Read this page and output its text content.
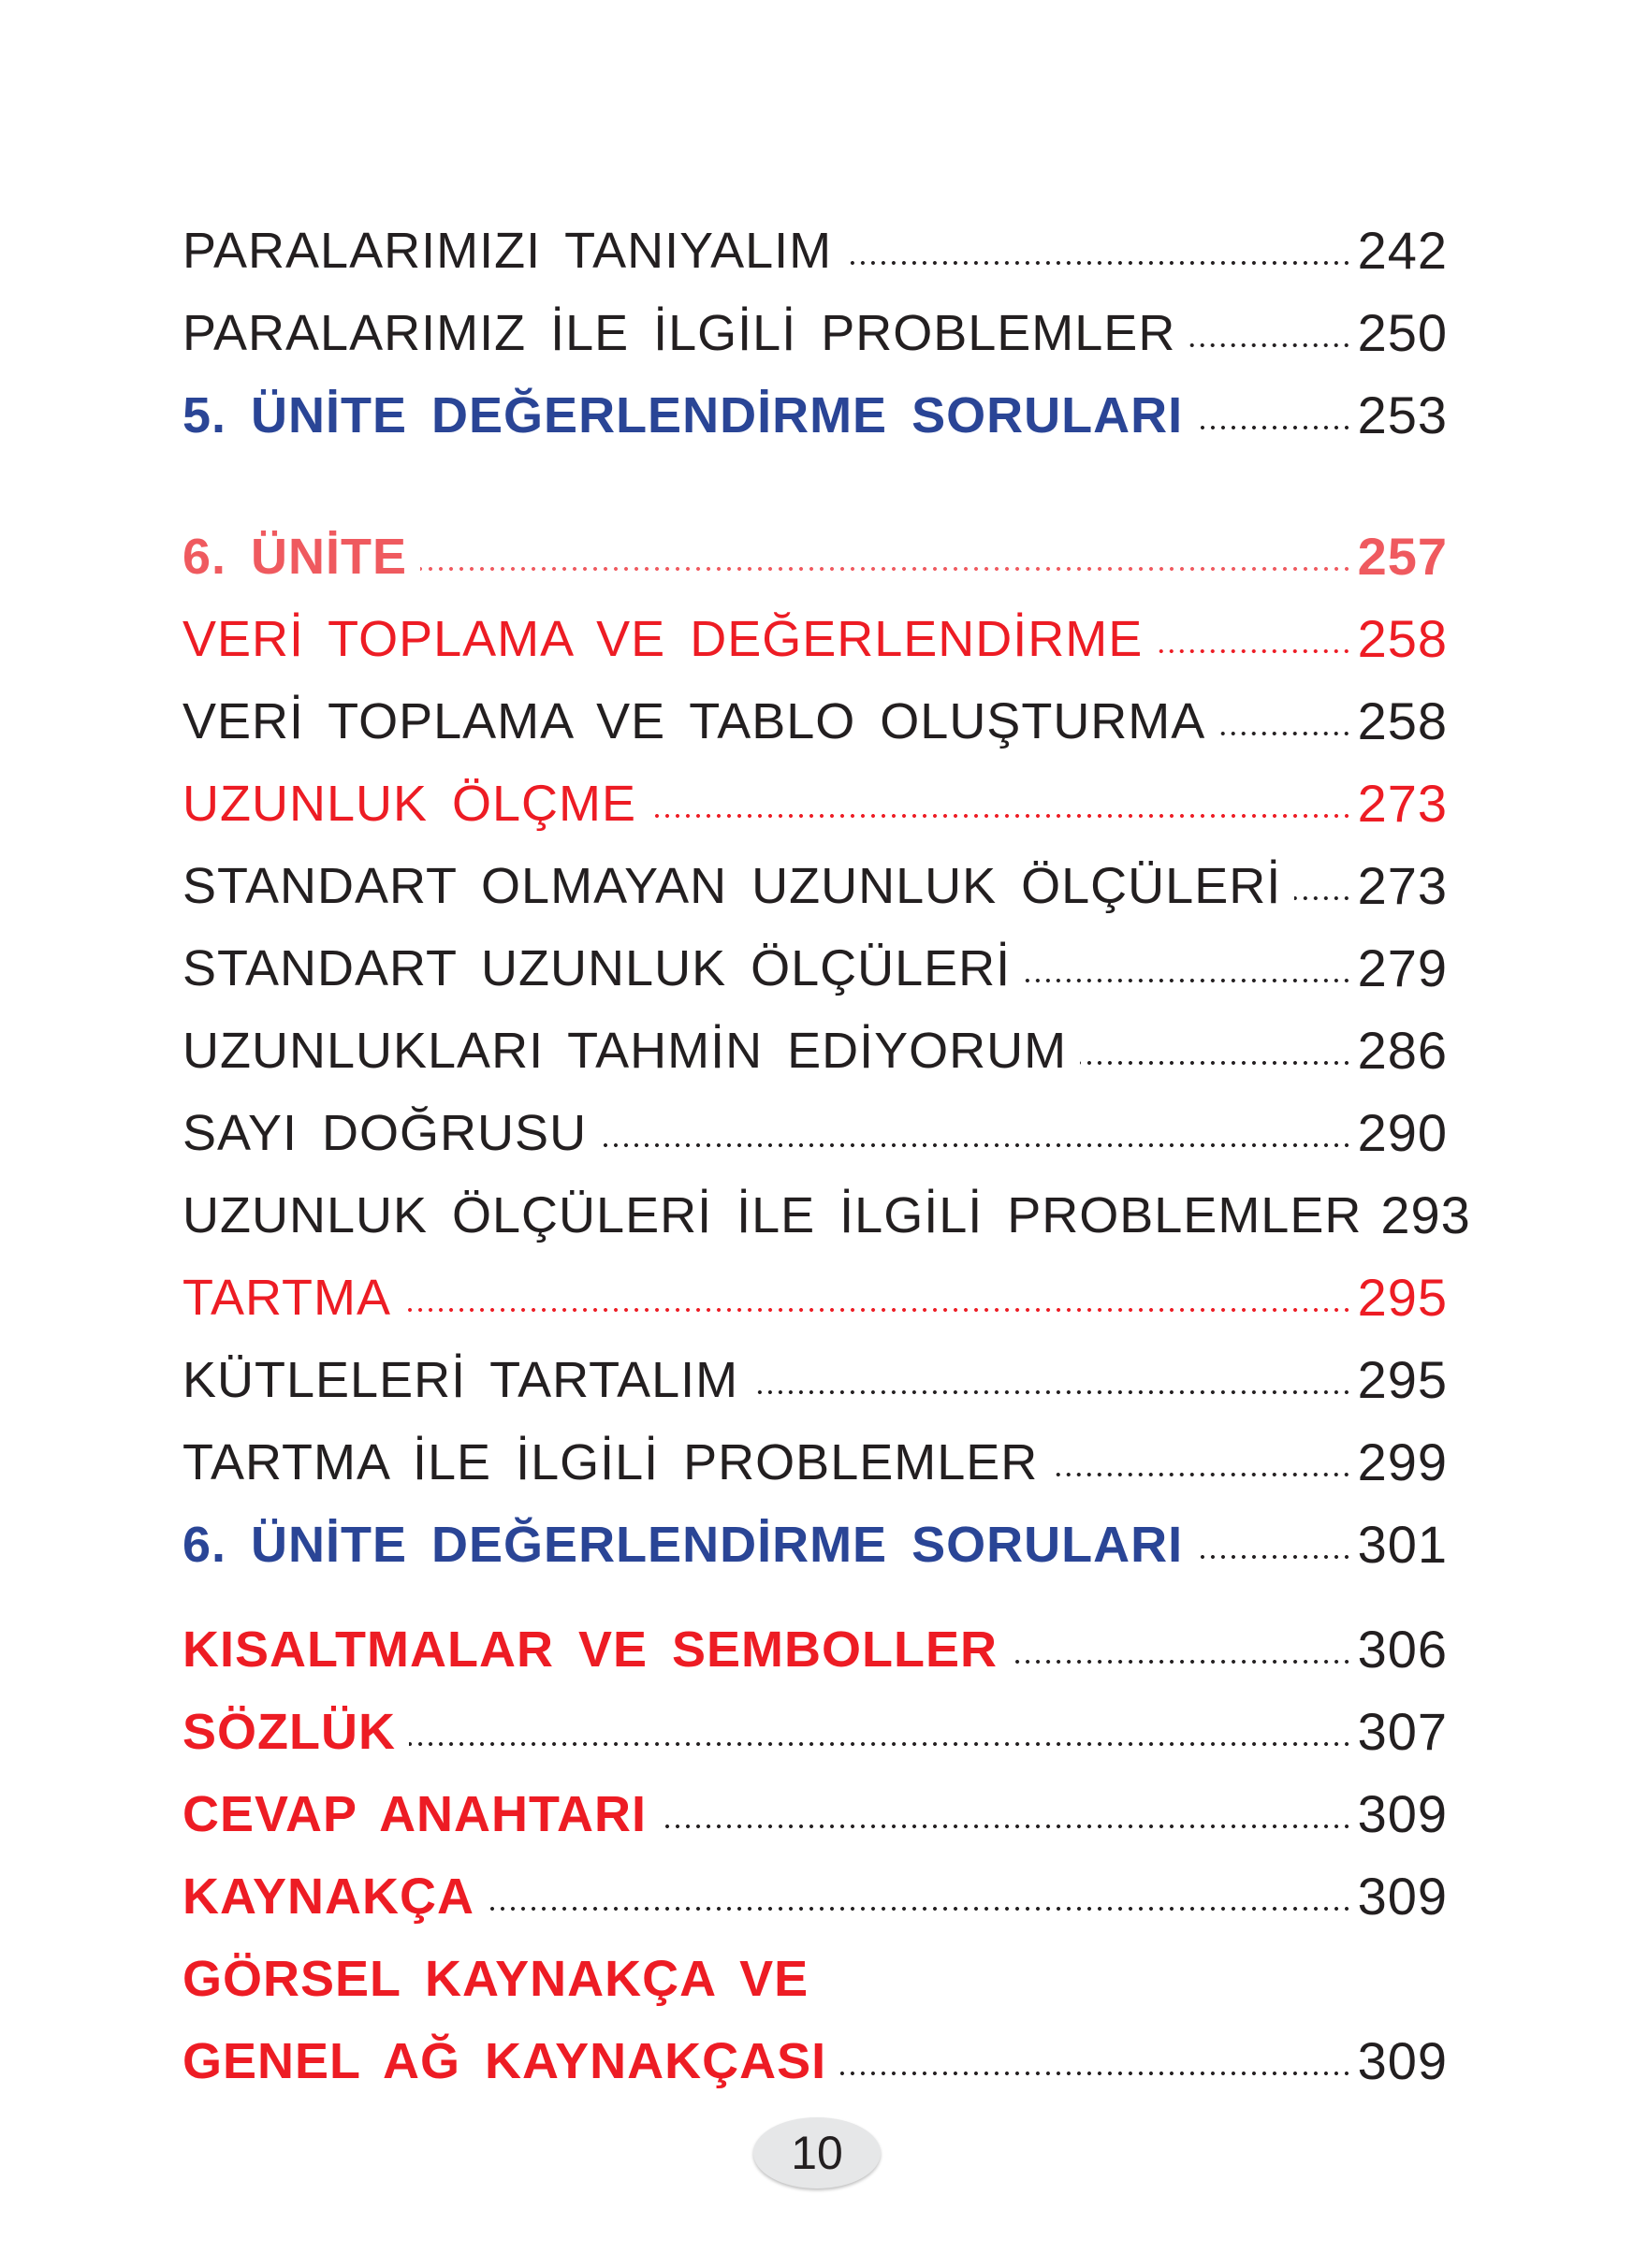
PARALARIMIZI TANIYALIM	242
PARALARIMIZ İLE İLGİLİ PROBLEMLER	250
5. ÜNİTE DEĞERLENDİRME SORULARI	253
6. ÜNİTE	257
VERİ TOPLAMA VE DEĞERLENDİRME	258
VERİ TOPLAMA VE TABLO OLUŞTURMA	258
UZUNLUK ÖLÇME	273
STANDART OLMAYAN UZUNLUK ÖLÇÜLERİ 273
STANDART UZUNLUK ÖLÇÜLERİ	279
UZUNLUKLARI TAHMİN EDİYORUM	286
SAYI DOĞRUSU	290
UZUNLUK ÖLÇÜLERİ İLE İLGİLİ PROBLEMLER 293
TARTMA	295
KÜTLELERİ TARTALIM	295
TARTMA İLE İLGİLİ PROBLEMLER	299
6. ÜNİTE DEĞERLENDİRME SORULARI	301
KISALTMALAR VE SEMBOLLER	306
SÖZLÜK	307
CEVAP ANAHTARI	309
KAYNAKÇA	309
GÖRSEL KAYNAKÇA VE
GENEL AĞ KAYNAKÇASI	309
10
